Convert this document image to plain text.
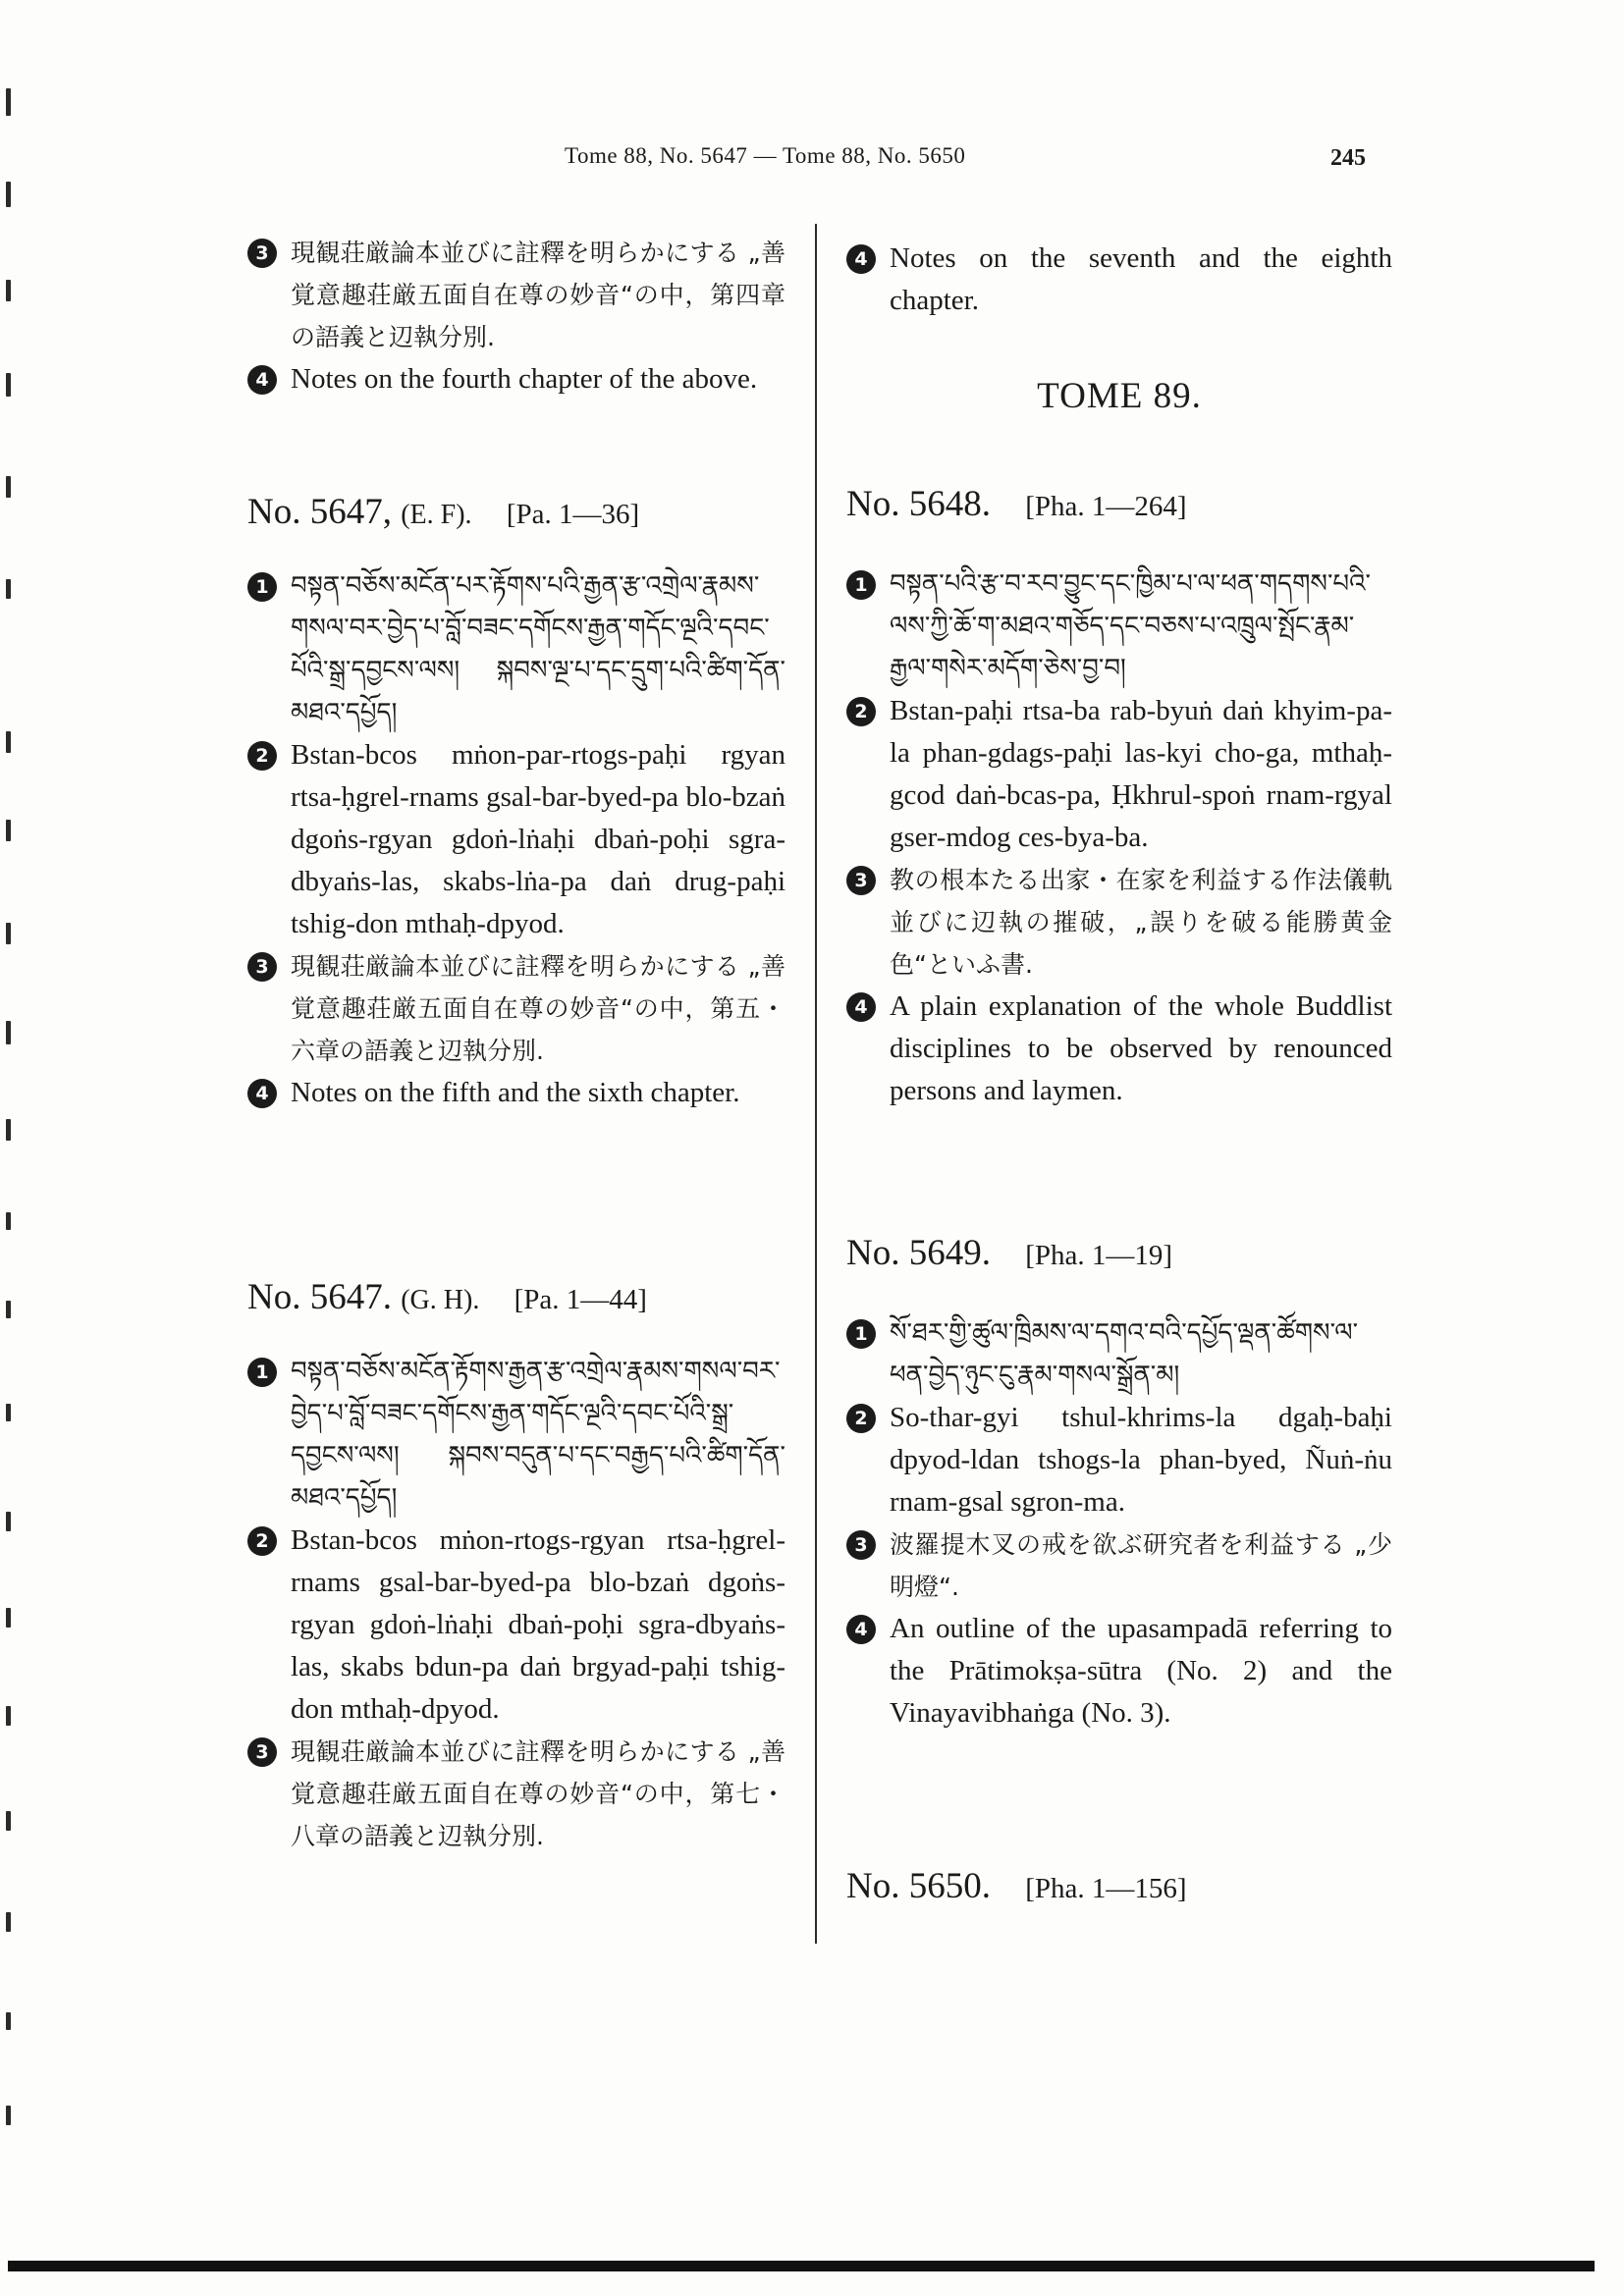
Tome 88, No. 5647 — Tome 88, No. 5650	245
3 現観荘厳論本並びに註釋を明らかにする „善覚意趣荘厳五面自在尊の妙音“の中，第四章の語義と辺執分別.
4 Notes on the fourth chapter of the above.
No. 5647, (E. F). [Pa. 1—36]
1 བསྟན་བཅོས་མངོན་པར་རྟོགས་པའི་རྒྱན་རྩ་འགྲེལ་རྣམས་གསལ་བར་བྱེད་པ་བློ་བཟང་དགོངས་རྒྱན་གདོང་ལྔའི་དབང་པོའི་སྒྲ་དབྱངས་ལས། སྐབས་ལྔ་པ་དང་དྲུག་པའི་ཚིག་དོན་མཐའ་དཔྱོད།
2 Bstan-bcos mṅon-par-rtogs-paḥi rgyan rtsa-ḥgrel-rnams gsal-bar-byed-pa blo-bzaṅ dgoṅs-rgyan gdoṅ-lṅaḥi dbaṅ-poḥi sgra-dbyaṅs-las, skabs-lṅa-pa daṅ drug-paḥi tshig-don mthaḥ-dpyod.
3 現観荘厳論本並びに註釋を明らかにする „善覚意趣荘厳五面自在尊の妙音“の中，第五・六章の語義と辺執分別.
4 Notes on the fifth and the sixth chapter.
No. 5647. (G. H). [Pa. 1—44]
1 བསྟན་བཅོས་མངོན་རྟོགས་རྒྱན་རྩ་འགྲེལ་རྣམས་གསལ་བར་བྱེད་པ་བློ་བཟང་དགོངས་རྒྱན་གདོང་ལྔའི་དབང་པོའི་སྒྲ་དབྱངས་ལས། སྐབས་བདུན་པ་དང་བརྒྱད་པའི་ཚིག་དོན་མཐའ་དཔྱོད།
2 Bstan-bcos mṅon-rtogs-rgyan rtsa-ḥgrel-rnams gsal-bar-byed-pa blo-bzaṅ dgoṅs-rgyan gdoṅ-lṅaḥi dbaṅ-poḥi sgra-dbyaṅs-las, skabs bdun-pa daṅ brgyad-paḥi tshig-don mthaḥ-dpyod.
3 現観荘厳論本並びに註釋を明らかにする „善覚意趣荘厳五面自在尊の妙音“の中，第七・八章の語義と辺執分別.
4 Notes on the seventh and the eighth chapter.
TOME 89.
No. 5648. [Pha. 1—264]
1 བསྟན་པའི་རྩ་བ་རབ་བྱུང་དང་ཁྱིམ་པ་ལ་ཕན་གདགས་པའི་ལས་ཀྱི་ཆོ་ག་མཐའ་གཅོད་དང་བཅས་པ་འཁྲུལ་སྤོང་རྣམ་རྒྱལ་གསེར་མདོག་ཅེས་བྱ་བ།
2 Bstan-paḥi rtsa-ba rab-byuṅ daṅ khyim-pa-la phan-gdags-paḥi las-kyi cho-ga, mthaḥ-gcod daṅ-bcas-pa, Ḥkhrul-spoṅ rnam-rgyal gser-mdog ces-bya-ba.
3 教の根本たる出家・在家を利益する作法儀軌並びに辺執の摧破，„誤りを破る能勝黄金色“といふ書.
4 A plain explanation of the whole Buddlist disciplines to be observed by renounced persons and laymen.
No. 5649. [Pha. 1—19]
1 སོ་ཐར་གྱི་ཚུལ་ཁྲིམས་ལ་དགའ་བའི་དཔྱོད་ལྡན་ཚོགས་ལ་ཕན་བྱེད་ཉུང་ངུ་རྣམ་གསལ་སྒྲོན་མ།
2 So-thar-gyi tshul-khrims-la dgaḥ-baḥi dpyod-ldan tshogs-la phan-byed, Ñuṅ-ṅu rnam-gsal sgron-ma.
3 波羅提木叉の戒を欲ぶ研究者を利益する „少明燈“.
4 An outline of the upasampadā referring to the Prātimokṣa-sūtra (No. 2) and the Vinayavibhaṅga (No. 3).
No. 5650. [Pha. 1—156]
